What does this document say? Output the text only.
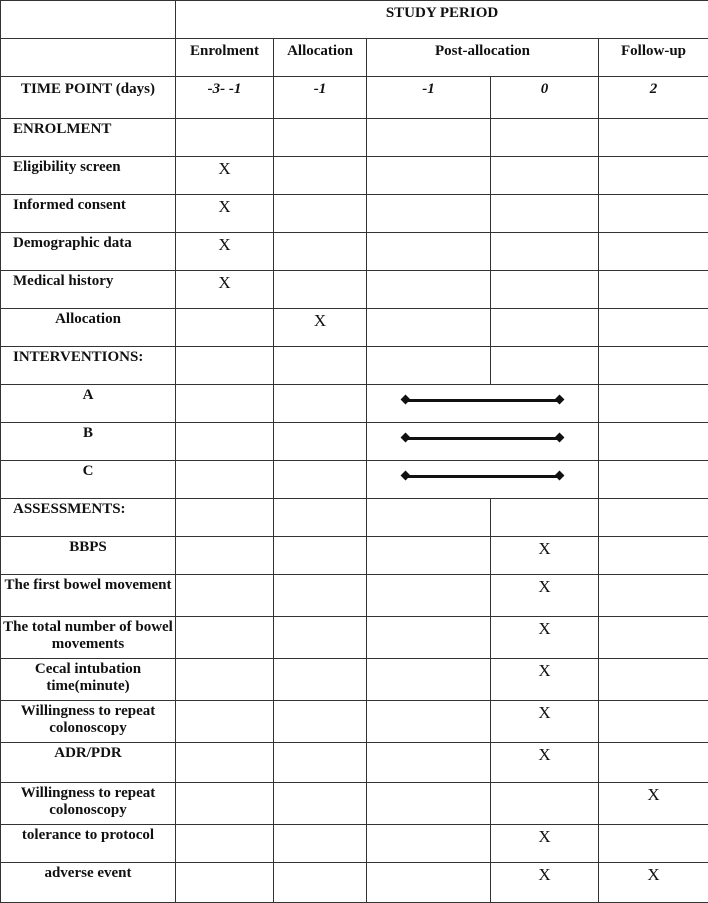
	STUDY PERIOD				
	Enrolment	Allocation	Post-allocation		Follow-up
TIME POINT (days)	-3- -1	-1	-1	0	2
ENROLMENT					
Eligibility screen	X				
Informed consent	X				
Demographic data	X				
Medical history	X				
Allocation		X			
INTERVENTIONS:					
A				

B				

C				

ASSESSMENTS:					
BBPS				X	
The first bowel movement				X	
The total number of bowel movements				X	
Cecal intubation time(minute)				X	
Willingness to repeat colonoscopy				X	
ADR/PDR				X	
Willingness to repeat colonoscopy					X
tolerance to protocol				X	
adverse event				X	X
